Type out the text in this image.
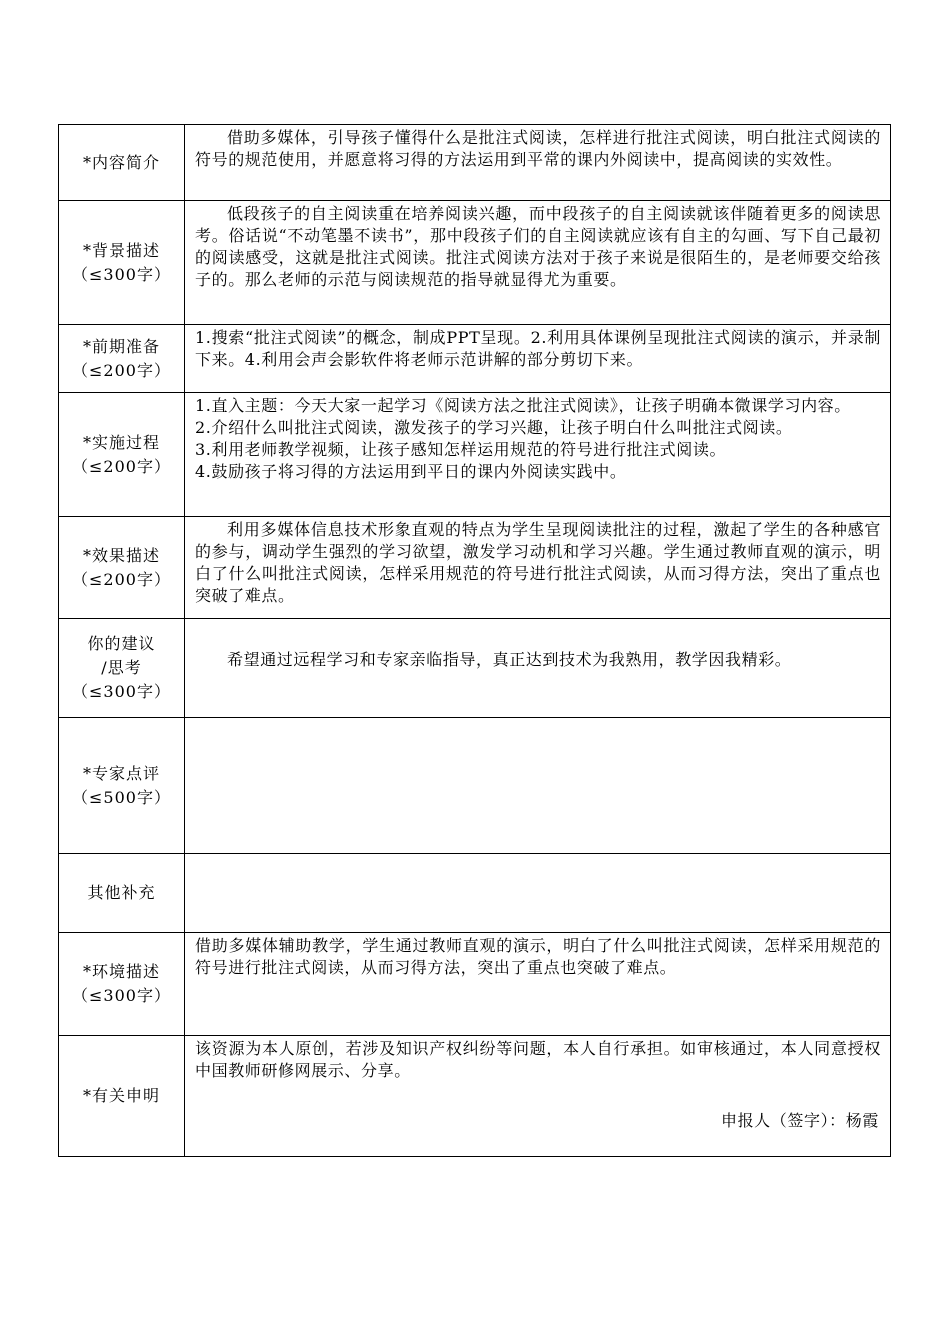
*内容简介	借助多媒体，引导孩子懂得什么是批注式阅读，怎样进行批注式阅读，明白批注式阅读的符号的规范使用，并愿意将习得的方法运用到平常的课内外阅读中，提高阅读的实效性。

*背景描述
（≤300字）	低段孩子的自主阅读重在培养阅读兴趣，而中段孩子的自主阅读就该伴随着更多的阅读思考。俗话说“不动笔墨不读书”，那中段孩子们的自主阅读就应该有自主的勾画、写下自己最初的阅读感受，这就是批注式阅读。批注式阅读方法对于孩子来说是很陌生的，是老师要交给孩子的。那么老师的示范与阅读规范的指导就显得尤为重要。

*前期准备
（≤200字）	1.搜索“批注式阅读”的概念，制成PPT呈现。2.利用具体课例呈现批注式阅读的演示，并录制下来。4.利用会声会影软件将老师示范讲解的部分剪切下来。

*实施过程
（≤200字）	1.直入主题：今天大家一起学习《阅读方法之批注式阅读》，让孩子明确本微课学习内容。
2.介绍什么叫批注式阅读，激发孩子的学习兴趣，让孩子明白什么叫批注式阅读。
3.利用老师教学视频，让孩子感知怎样运用规范的符号进行批注式阅读。
4.鼓励孩子将习得的方法运用到平日的课内外阅读实践中。

*效果描述
（≤200字）	利用多媒体信息技术形象直观的特点为学生呈现阅读批注的过程，激起了学生的各种感官的参与，调动学生强烈的学习欲望，激发学习动机和学习兴趣。学生通过教师直观的演示，明白了什么叫批注式阅读，怎样采用规范的符号进行批注式阅读，从而习得方法，突出了重点也突破了难点。

你的建议
/思考
（≤300字）	希望通过远程学习和专家亲临指导，真正达到技术为我熟用，教学因我精彩。

*专家点评
（≤500字）	

其他补充	

*环境描述
（≤300字）	借助多媒体辅助教学，学生通过教师直观的演示，明白了什么叫批注式阅读，怎样采用规范的符号进行批注式阅读，从而习得方法，突出了重点也突破了难点。

*有关申明	该资源为本人原创，若涉及知识产权纠纷等问题，本人自行承担。如审核通过，本人同意授权中国教师研修网展示、分享。
申报人（签字）：杨霞
